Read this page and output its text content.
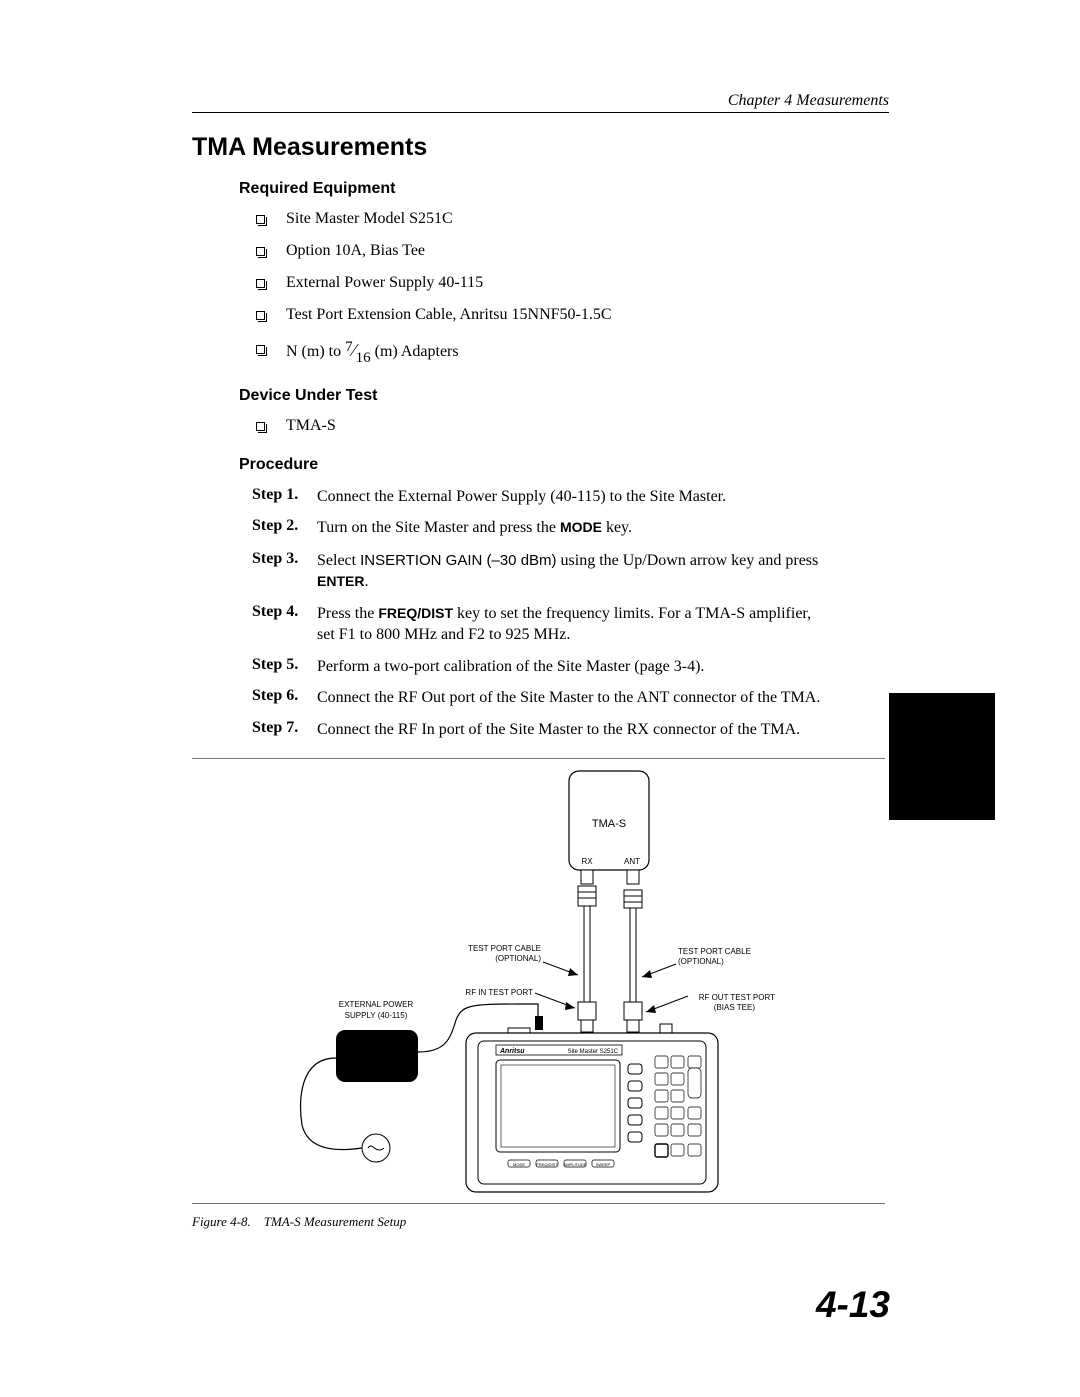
Chapter 4 Measurements
TMA Measurements
Required Equipment
Site Master Model S251C
Option 10A, Bias Tee
External Power Supply 40-115
Test Port Extension Cable, Anritsu 15NNF50-1.5C
N (m) to 7⁄16 (m) Adapters
Device Under Test
TMA-S
Procedure
Step 1. Connect the External Power Supply (40-115) to the Site Master.
Step 2. Turn on the Site Master and press the MODE key.
Step 3. Select INSERTION GAIN (–30 dBm) using the Up/Down arrow key and press
ENTER.
Step 4. Press the FREQ/DIST key to set the frequency limits. For a TMA-S amplifier,
set F1 to 800 MHz and F2 to 925 MHz.
Step 5. Perform a two-port calibration of the Site Master (page 3-4).
Step 6. Connect the RF Out port of the Site Master to the ANT connector of the TMA.
Step 7. Connect the RF In port of the Site Master to the RX connector of the TMA.
TMA-S
RX	ANT
TEST PORT CABLE
(OPTIONAL)
TEST PORT CABLE
(OPTIONAL)
RF IN TEST PORT
RF OUT TEST PORT
(BIAS TEE)
EXTERNAL POWER
SUPPLY (40-115)
Anritsu	Site Master S251C
MODE	FREQ/DIST AMPLITUDE SWEEP
Figure 4-8. TMA-S Measurement Setup
4-13
